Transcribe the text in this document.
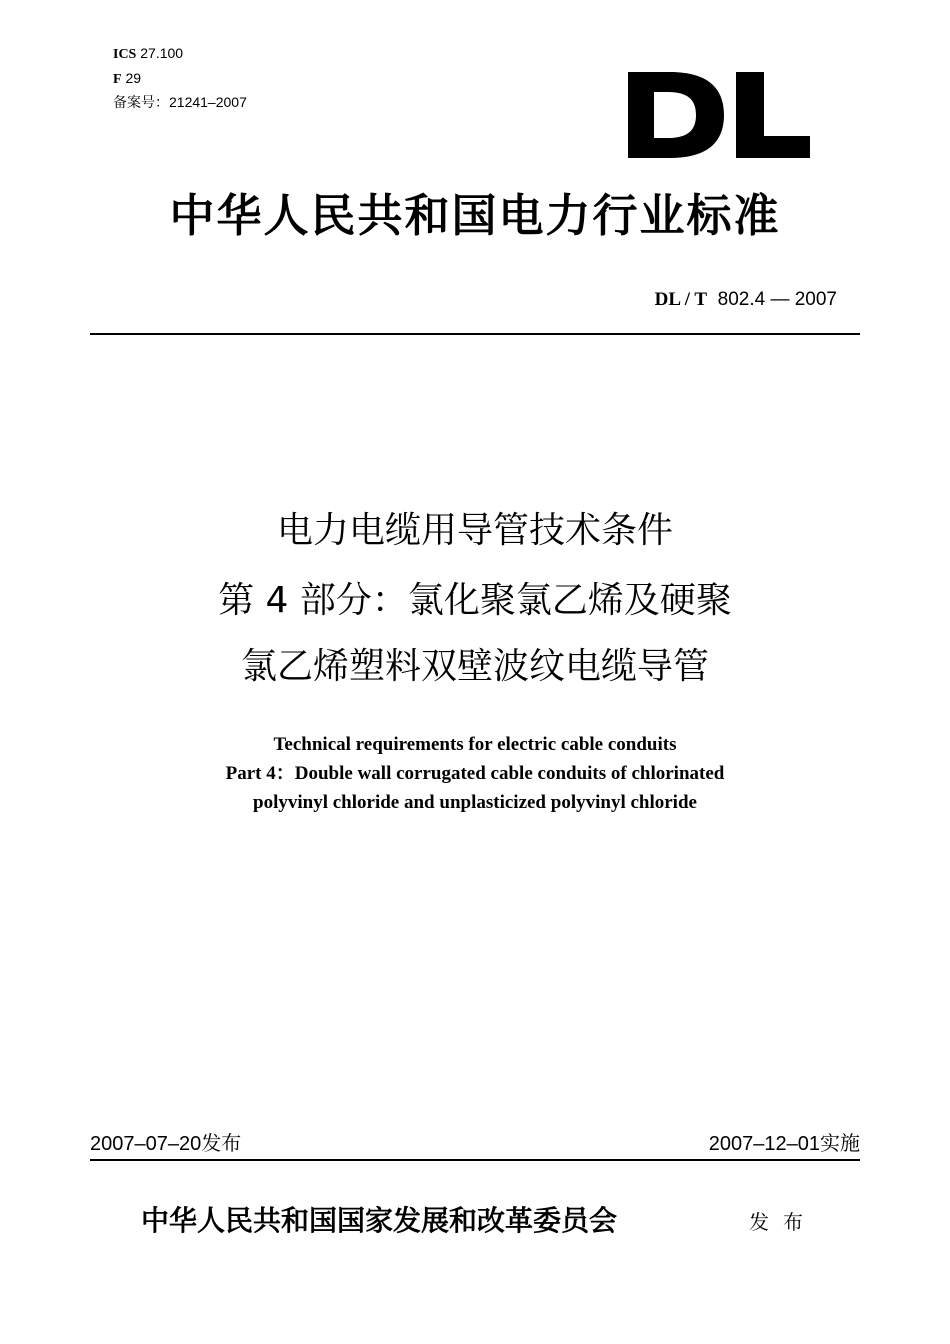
ICS 27.100
F 29
备案号：21241–2007
中华人民共和国电力行业标准
DL / T 802.4 — 2007
电力电缆用导管技术条件
第 4 部分：氯化聚氯乙烯及硬聚
氯乙烯塑料双壁波纹电缆导管
Technical requirements for electric cable conduits
Part 4：Double wall corrugated cable conduits of chlorinated
polyvinyl chloride and unplasticized polyvinyl chloride
2007–07–20发布	2007–12–01实施
中华人民共和国国家发展和改革委员会	发布
